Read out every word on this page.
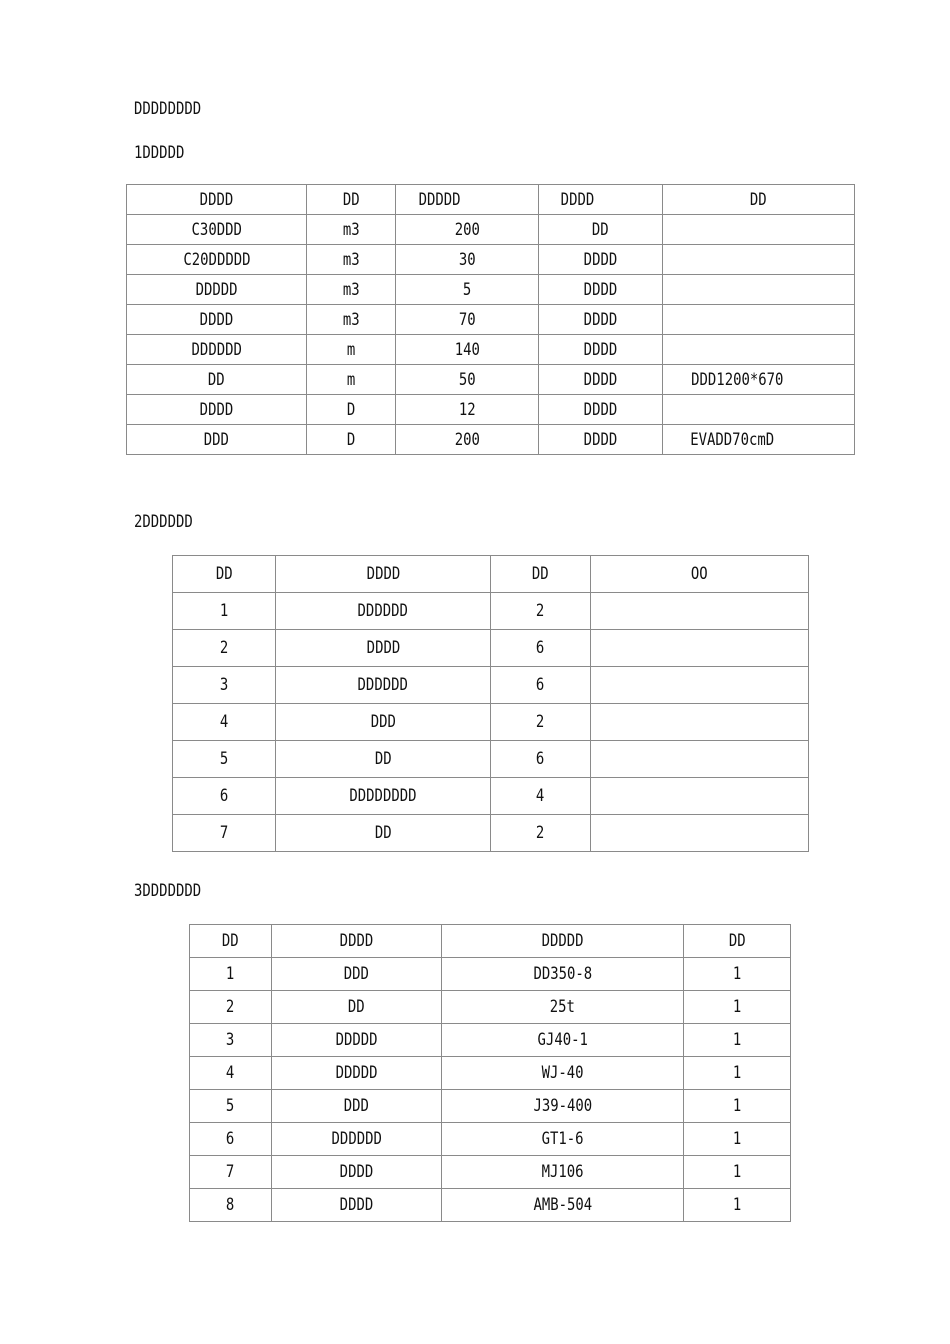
DDDDDDDD
1DDDDD
DDDD	DD	DDDDD	DDDD	DD
C30DDD	m3	200	DD	
C20DDDDD	m3	30	DDDD	
DDDDD	m3	5	DDDD	
DDDD	m3	70	DDDD	
DDDDDD	m	140	DDDD	
DD	m	50	DDDD	DDD1200*670
DDDD	D	12	DDDD	
DDD	D	200	DDDD	EVADD70cmD
2DDDDDD
DD	DDDD	DD	OO
1	DDDDDD	2	
2	DDDD	6	
3	DDDDDD	6	
4	DDD	2	
5	DD	6	
6	DDDDDDDD	4	
7	DD	2	
3DDDDDDD
DD	DDDD	DDDDD	DD
1	DDD	DD350-8	1
2	DD	25t	1
3	DDDDD	GJ40-1	1
4	DDDDD	WJ-40	1
5	DDD	J39-400	1
6	DDDDDD	GT1-6	1
7	DDDD	MJ106	1
8	DDDD	AMB-504	1
